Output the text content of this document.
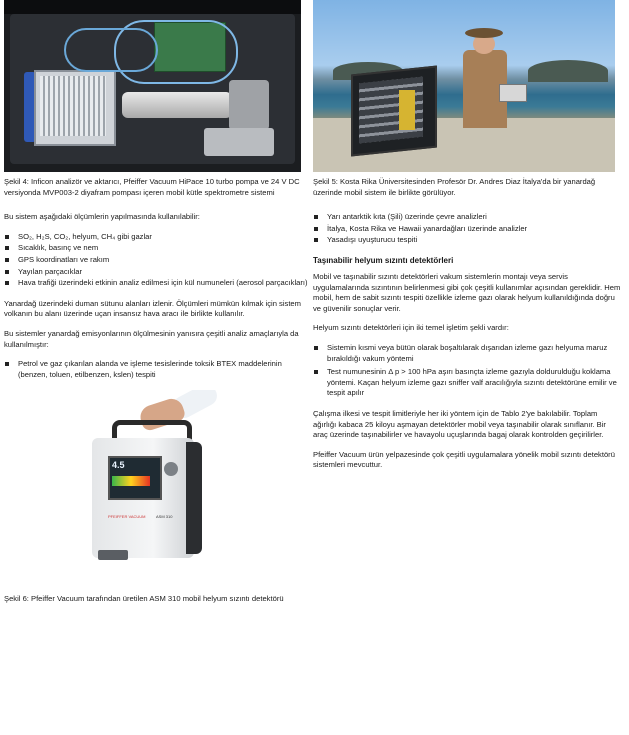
Şekil 4: Inficon analizör ve aktarıcı, Pfeiffer Vacuum HiPace 10 turbo pompa ve 24 V DC versiyonda MVP003-2 diyafram pompası içeren mobil kütle spektrometre sistemi

Bu sistem aşağıdaki ölçümlerin yapılmasında kullanılabilir:

SO₂, H₂S, CO₂, helyum, CH₄ gibi gazlar
Sıcaklık, basınç ve nem
GPS koordinatları ve rakım
Yayılan parçacıklar
Hava trafiği üzerindeki etkinin analiz edilmesi için kül numuneleri (aerosol parçacıkları)

Yanardağ üzerindeki duman sütunu alanları izlenir. Ölçümleri mümkün kılmak için sistem volkanın bu alanı üzerinde uçan insansız hava aracı ile birlikte kullanılır.

Bu sistemler yanardağ emisyonlarının ölçülmesinin yanısıra çeşitli analiz amaçlarıyla da kullanılmıştır:

Petrol ve gaz çıkarılan alanda ve işleme tesislerinde toksik BTEX maddelerinin (benzen, toluen, etilbenzen, kslen) tespiti
4.5
PFEIFFER VACUUM	ASM 310

Şekil 6: Pfeiffer Vacuum tarafından üretilen ASM 310 mobil helyum sızıntı detektörü

Şekil 5: Kosta Rika Üniversitesinden Profesör Dr. Andres Diaz İtalya'da bir yanardağ üzerinde mobil sistem ile birlikte görülüyor.

Yarı antarktik kıta (Şili) üzerinde çevre analizleri
İtalya, Kosta Rika ve Hawaii yanardağları üzerinde analizler
Yasadışı uyuşturucu tespiti
Taşınabilir helyum sızıntı detektörleri

Mobil ve taşınabilir sızıntı detektörleri vakum sistemlerin montajı veya servis uygulamalarında sızıntının belirlenmesi gibi çok çeşitli kullanımlar açısından gereklidir. Hem mobil, hem de sabit sızıntı tespiti özellikle izleme gazı olarak helyum kullanıldığında doğru ve güvenilir sonuçlar verir.

Helyum sızıntı detektörleri için iki temel işletim şekli vardır:

Sistemin kısmi veya bütün olarak boşaltılarak dışarıdan izleme gazı helyuma maruz bırakıldığı vakum yöntemi
Test numunesinin Δ p > 100 hPa aşırı basınçta izleme gazıyla doldurulduğu koklama yöntemi. Kaçan helyum izleme gazı sniffer valf aracılığıyla sızıntı detektörüne emilir ve tespit apılır

Çalışma ilkesi ve tespit limitleriyle her iki yöntem için de Tablo 2'ye bakılabilir. Toplam ağırlığı kabaca 25 kiloyu aşmayan detektörler mobil veya taşınabilir olarak sınıflanır. Bir araç üzerinde taşınabilirler ve havayolu uçuşlarında bagaj olarak kontrolden geçirilirler.

Pfeiffer Vacuum ürün yelpazesinde çok çeşitli uygulamalara yönelik mobil sızıntı detektörü sistemleri mevcuttur.
